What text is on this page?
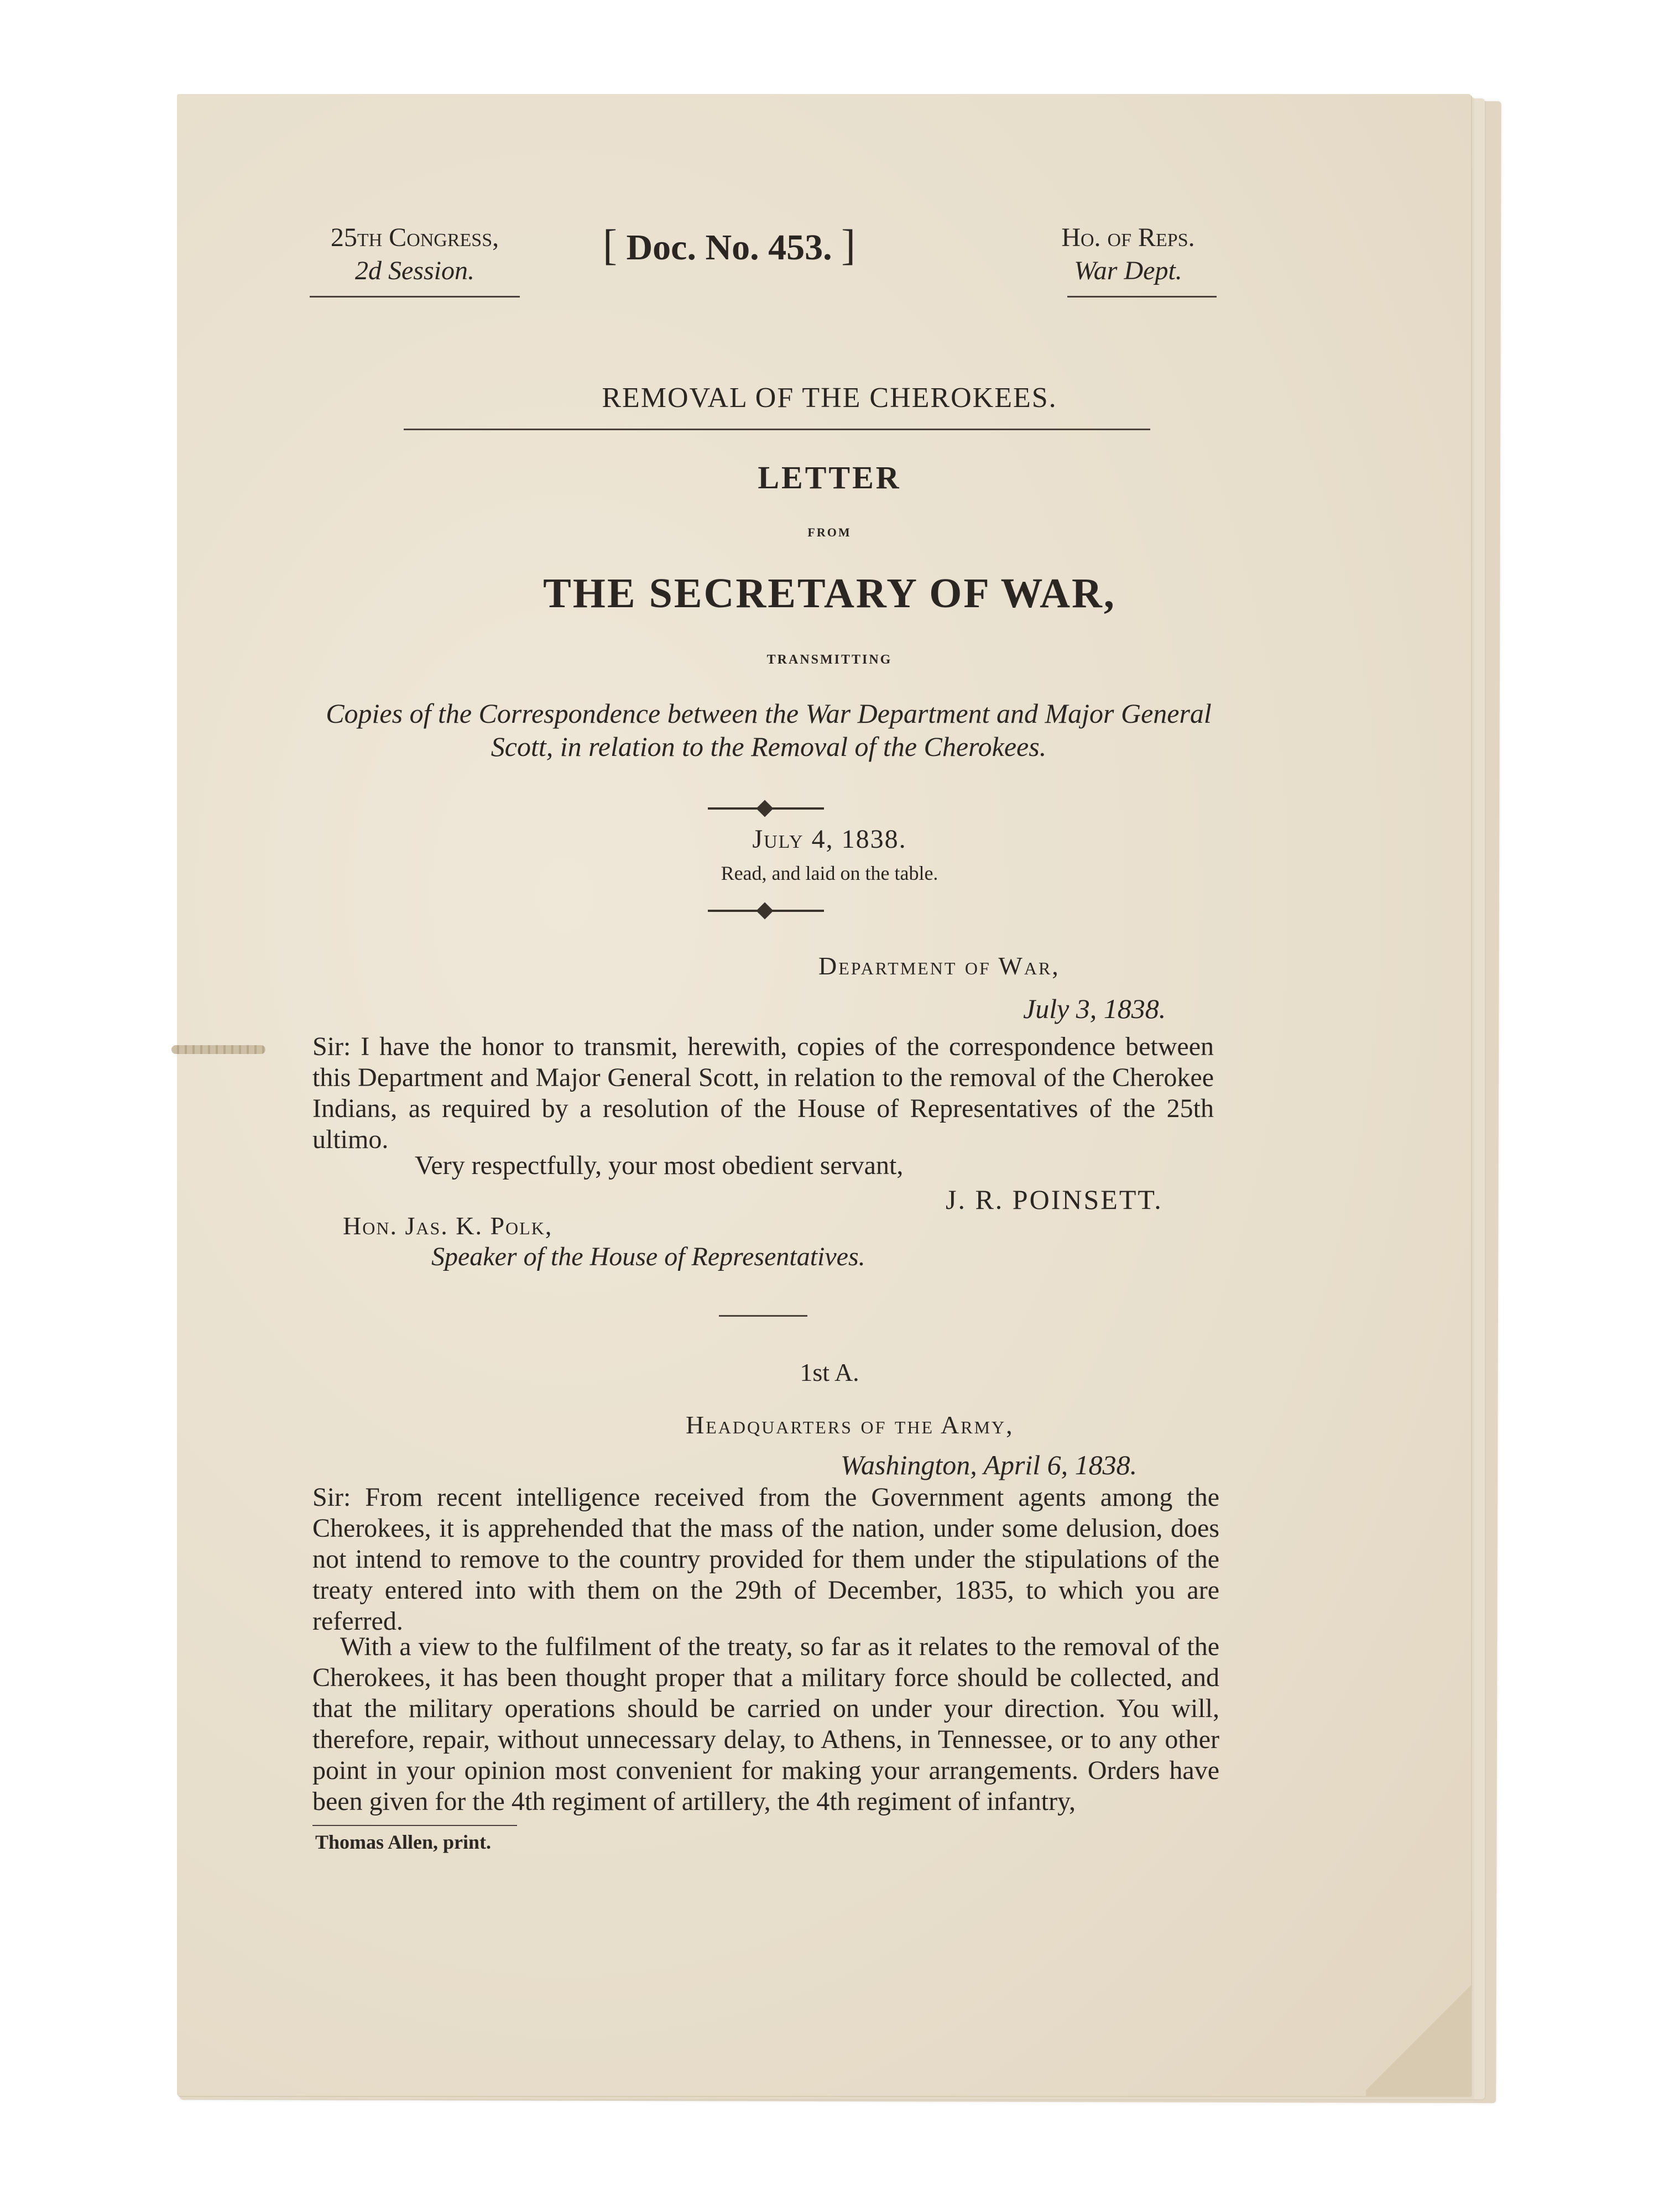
25th Congress,
2d Session.
[ Doc. No. 453. ]	Ho. of Reps.
War Dept.
REMOVAL OF THE CHEROKEES.
LETTER
FROM
THE SECRETARY OF WAR,
TRANSMITTING
Copies of the Correspondence between the War Department and Major General Scott, in relation to the Removal of the Cherokees.
July 4, 1838.
Read, and laid on the table.
Department of War,
July 3, 1838.
Sir: I have the honor to transmit, herewith, copies of the correspondence between this Department and Major General Scott, in relation to the removal of the Cherokee Indians, as required by a resolution of the House of Representatives of the 25th ultimo.
Very respectfully, your most obedient servant,
J. R. POINSETT.
Hon. Jas. K. Polk,
Speaker of the House of Representatives.
1st A.
Headquarters of the Army,
Washington, April 6, 1838.
Sir: From recent intelligence received from the Government agents among the Cherokees, it is apprehended that the mass of the nation, under some delusion, does not intend to remove to the country provided for them under the stipulations of the treaty entered into with them on the 29th of December, 1835, to which you are referred.
With a view to the fulfilment of the treaty, so far as it relates to the removal of the Cherokees, it has been thought proper that a military force should be collected, and that the military operations should be carried on under your direction. You will, therefore, repair, without unnecessary delay, to Athens, in Tennessee, or to any other point in your opinion most convenient for making your arrangements. Orders have been given for the 4th regiment of artillery, the 4th regiment of infantry,
Thomas Allen, print.
